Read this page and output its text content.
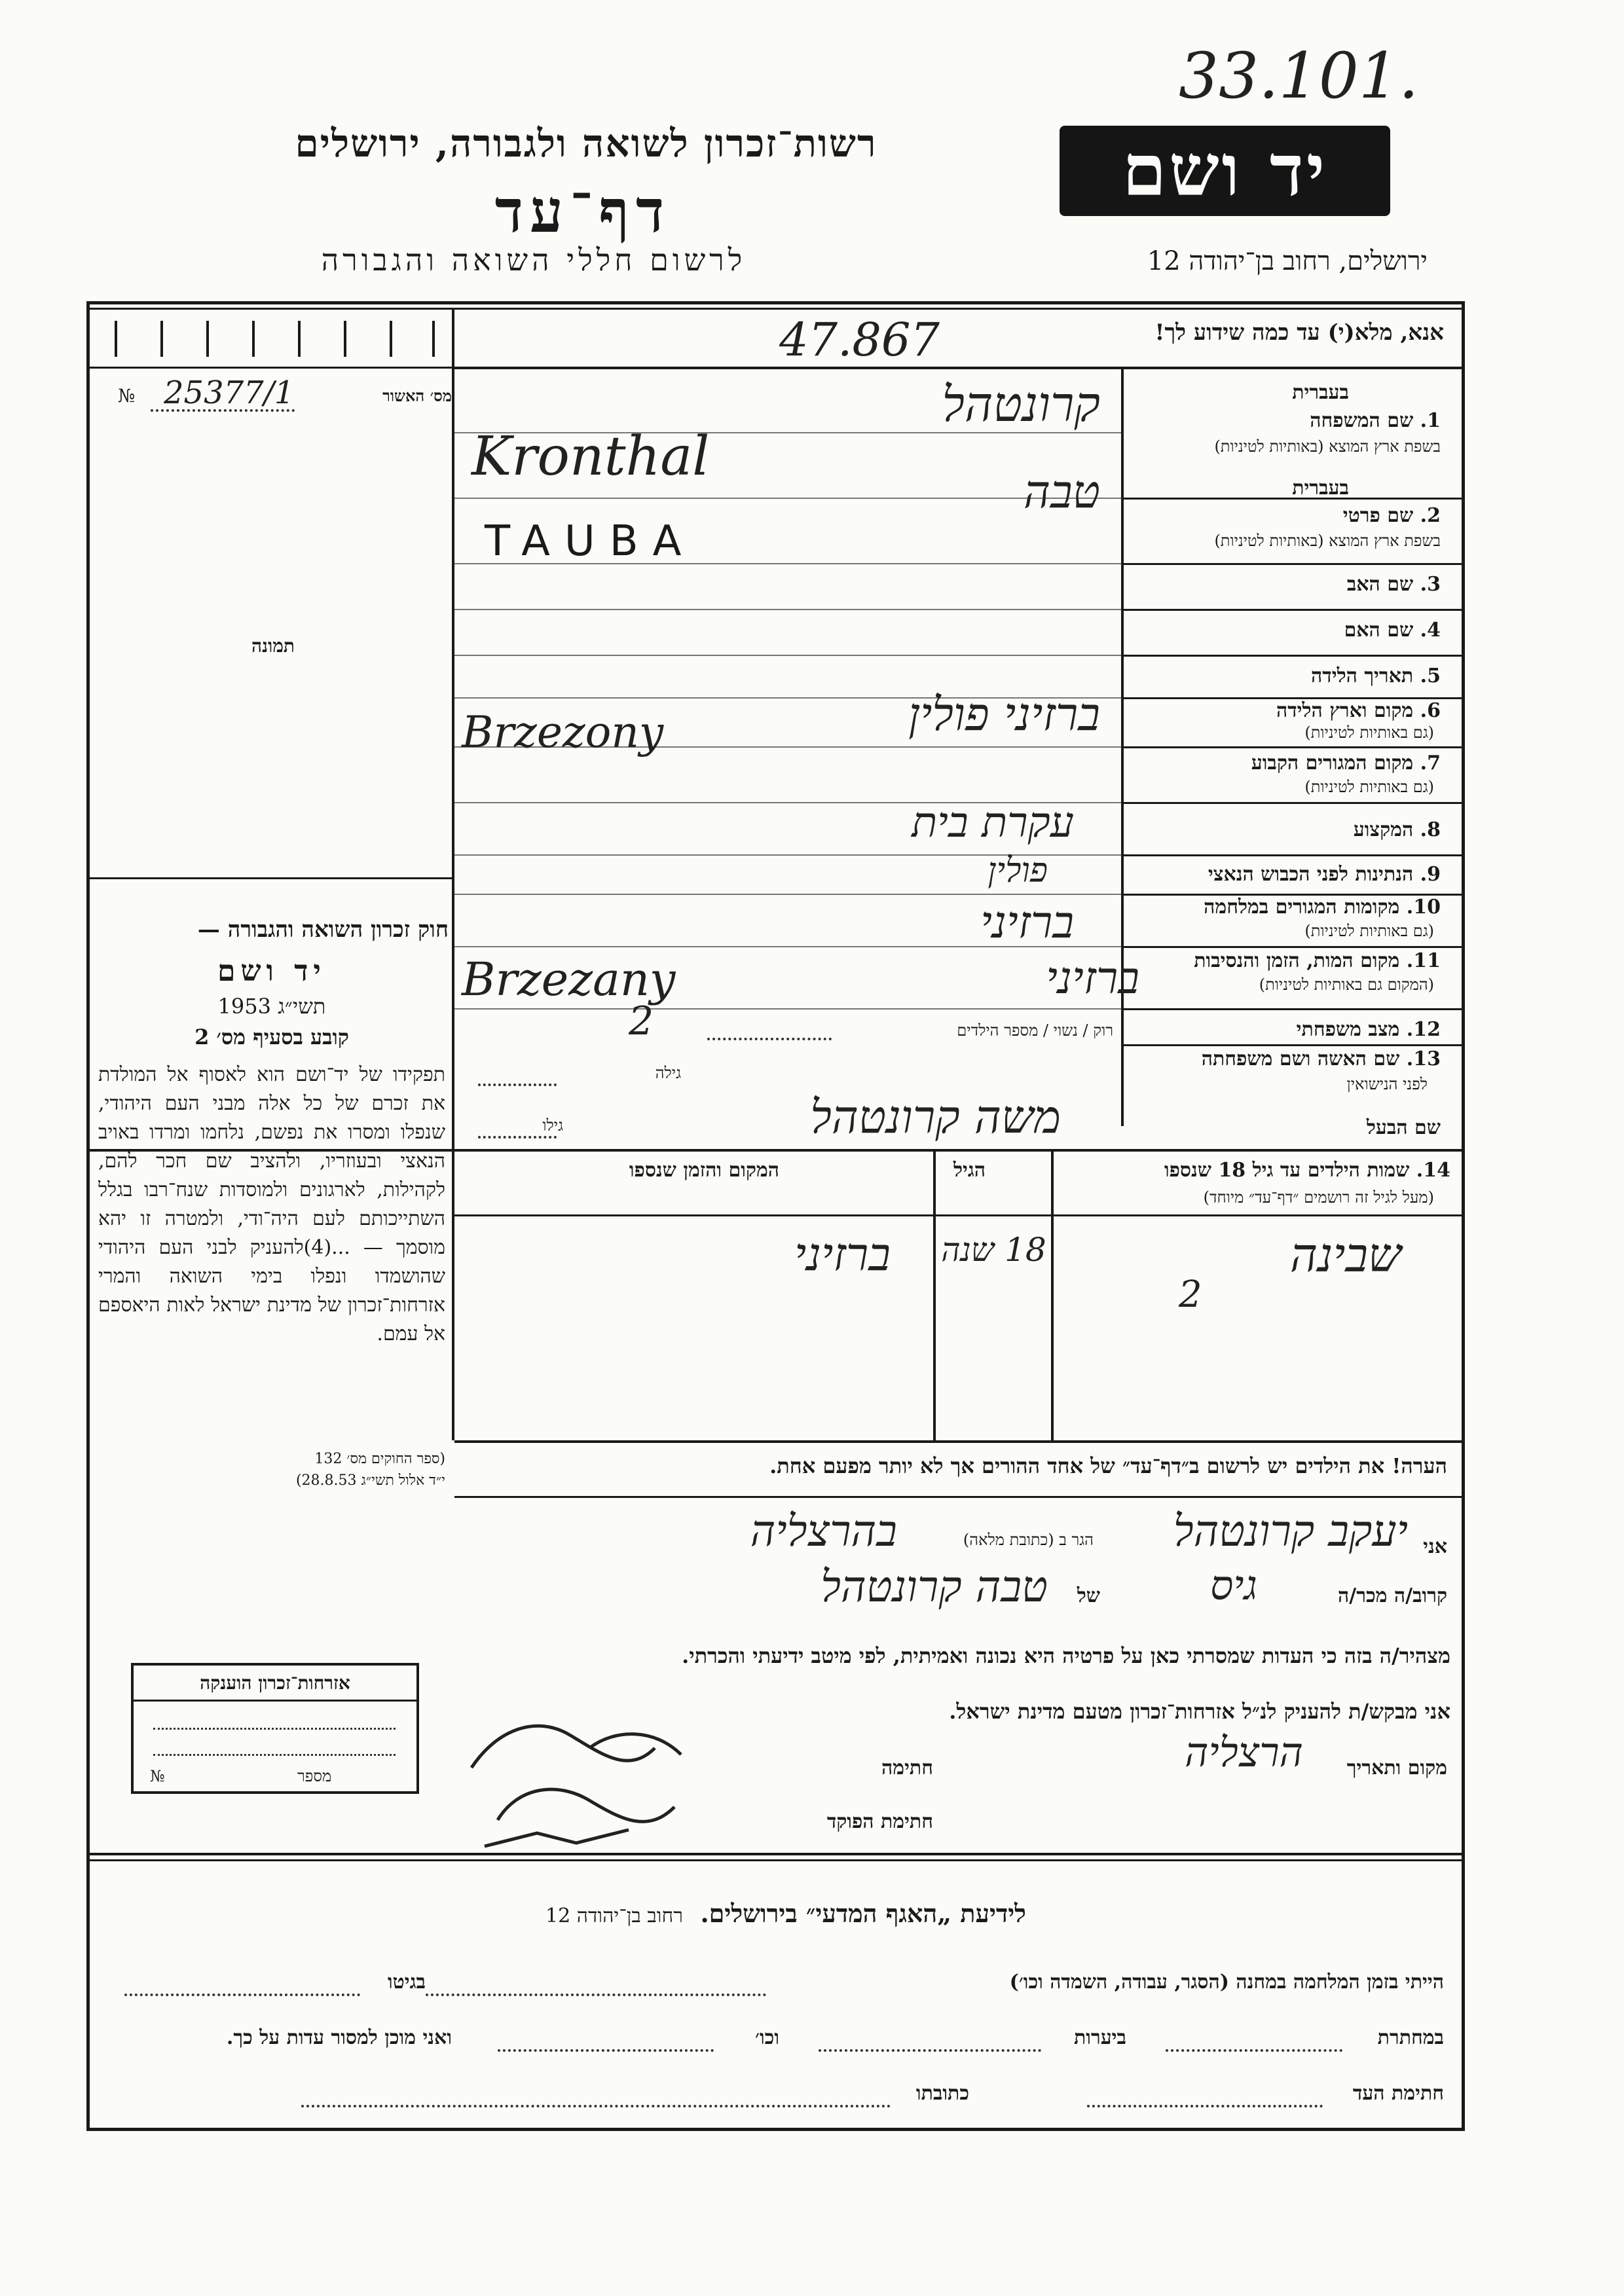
33.101.
רשות־זכרון לשואה ולגבורה, ירושלים
דף־עד
לרשום חללי השואה והגבורה
יד ושם
ירושלים, רחוב בן־יהודה 12
אנא, מלא(י) עד כמה שידוע לך!
47.867
מס׳ האשור
№ 25377/1
תמונה
בעברית
1. שם המשפחה
בשפת ארץ המוצא (באותיות לטיניות)
קרונטהל
Kronthal
בעברית
2. שם פרטי
בשפת ארץ המוצא (באותיות לטיניות)
טבה
TAUBA
3. שם האב
4. שם האם
5. תאריך הלידה
6. מקום וארץ הלידה
(גם באותיות לטיניות)
ברזיני פולין
Brzezony
7. מקום המגורים הקבוע
(גם באותיות לטיניות)
8. המקצוע
עקרת בית
9. הנתינות לפני הכבוש הנאצי
פולין
10. מקומות המגורים במלחמה
(גם באותיות לטיניות)
ברזיני
11. מקום המות, הזמן והנסיבות
(המקום גם באותיות לטיניות)
ברזיני
Brzezany
12. מצב משפחתי
רוק / נשוי / מספר הילדים
2
13. שם האשה ושם משפחתה
לפני הנישואין
גילה
שם הבעל
גילו	משה קרונטהל
חוק זכרון השואה והגבורה —
יד ושם
תשי״ג 1953
קובע בסעיף מס׳ 2
תפקידו של יד־ושם הוא לאסוף אל המולדת את זכרם של כל אלה מבני העם היהודי, שנפלו ומסרו את נפשם, נלחמו ומרדו באויב הנאצי ובעוזריו, ולהציב שם חכר להם, לקהילות, לארגונים ולמוסדות שנח־רבו בגלל השתייכותם לעם היה־ודי, ולמטרה זו יהא מוסמך — ...(4)להעניק לבני העם היהודי שהושמדו ונפלו בימי השואה והמרי אזרחות־זכרון של מדינת ישראל לאות היאספם אל עמם.
(ספר החוקים מס׳ 132
י״ד אלול תשי״ג 28.8.53)
14. שמות הילדים עד גיל 18 שנספו
(מעל לגיל זה רושמים ״דף־עד״ מיוחד)
הגיל
המקום והזמן שנספו
שבינה
2
18 שנה
ברזיני
הערה! את הילדים יש לרשום ב״דף־עד״ של אחד ההורים אך לא יותר מפעם אחת.
אני
יעקב קרונטהל
הגר ב (כתובת מלאה)
בהרצליה
קרוב/ה מכר/ה
גיס
של
טבה קרונטהל
מצהיר/ה בזה כי העדות שמסרתי כאן על פרטיה היא נכונה ואמיתית, לפי מיטב ידיעתי והכרתי.
אני מבקש/ת להעניק לנ״ל אזרחות־זכרון מטעם מדינת ישראל.
מקום ותאריך
הרצליה
חתימה
חתימת הפוקד
אזרחות־זכרון הוענקה
№	מספר
לידיעת „האגף המדעי״ בירושלים.  רחוב בן־יהודה 12
הייתי בזמן המלחמה במחנה (הסגר, עבודה, השמדה וכו׳)
בגיטו
במחתרת
ביערות
וכו׳
ואני מוכן למסור עדות על כך.
חתימת העד
כתובתו
